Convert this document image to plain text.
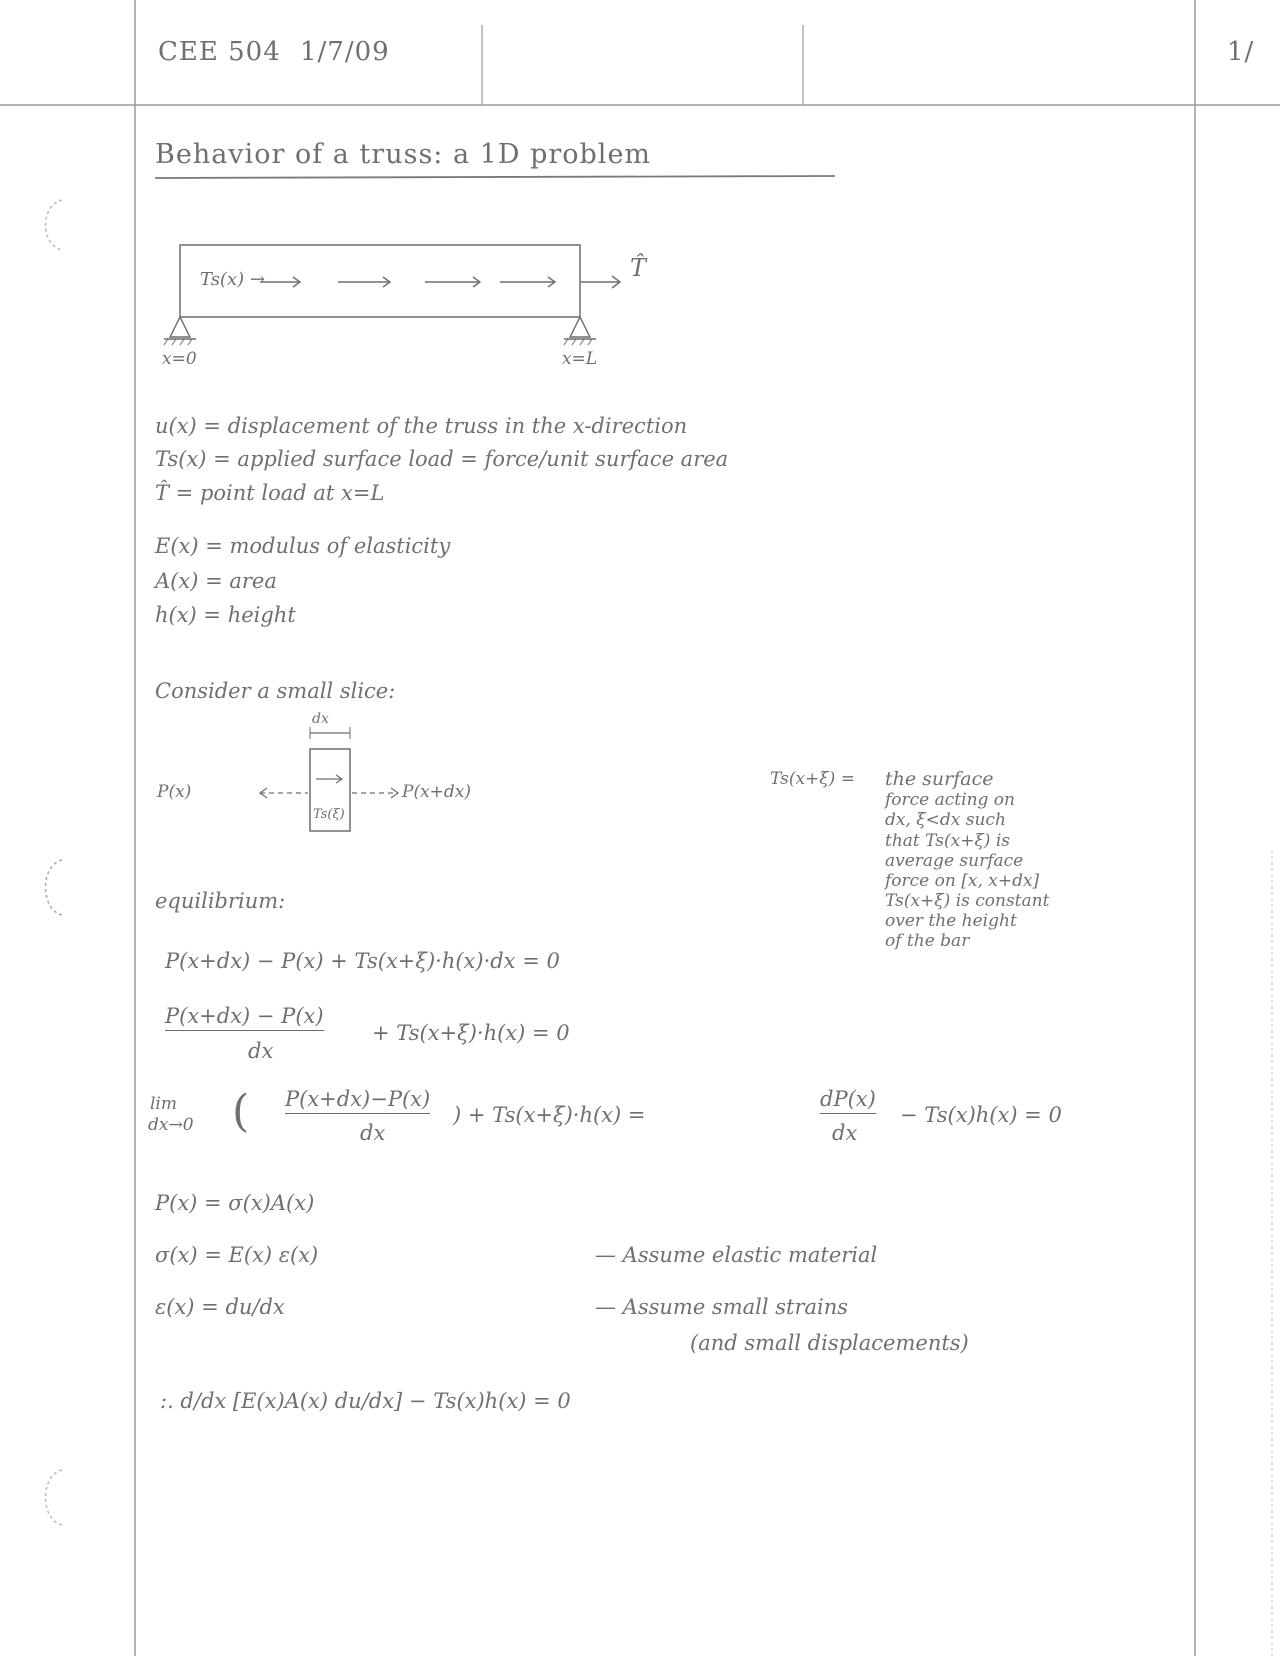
CEE 504 1/7/09	1/
Behavior of a truss: a 1D problem
Ts(x) →	T̂
x=0	x=L
u(x) = displacement of the truss in the x-direction
Ts(x) = applied surface load = force/unit surface area
T̂ = point load at x=L
E(x) = modulus of elasticity
A(x) = area
h(x) = height
Consider a small slice:
dx
P(x)	P(x+dx)
Ts(ξ)
Ts(x+ξ) = the surface
force acting on
dx, ξ<dx such
that Ts(x+ξ) is
average surface
force on [x, x+dx]
Ts(x+ξ) is constant
over the height
of the bar
equilibrium:
P(x+dx) − P(x) + Ts(x+ξ)·h(x)·dx = 0
P(x+dx) − P(x)
dx
+ Ts(x+ξ)·h(x) = 0
lim
dx→0 ( P(x+dx)−P(x)
dx
) + Ts(x+ξ)·h(x) =
dP(x)
dx
− Ts(x)h(x) = 0
P(x) = σ(x)A(x)
σ(x) = E(x) ε(x)	— Assume elastic material
ε(x) = du/dx	— Assume small strains
(and small displacements)
:. d/dx [E(x)A(x) du/dx] − Ts(x)h(x) = 0
